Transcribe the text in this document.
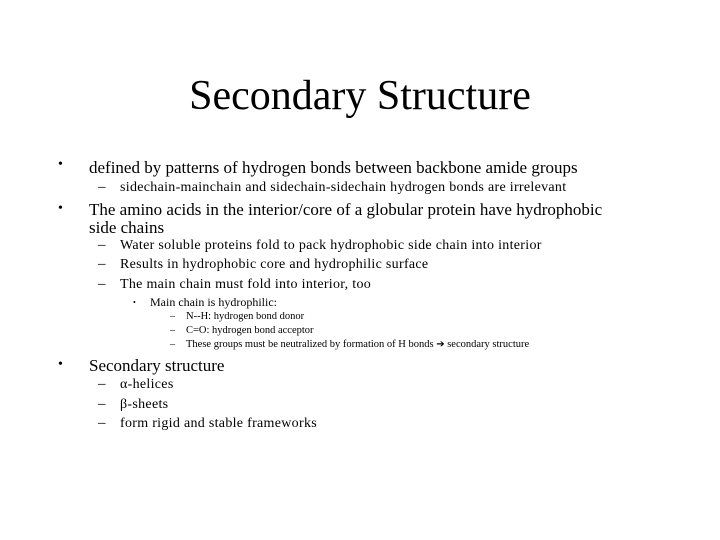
Secondary Structure
• defined by patterns of hydrogen bonds between backbone amide groups
– sidechain-mainchain and sidechain-sidechain hydrogen bonds are irrelevant
• The amino acids in the interior/core of a globular protein have hydrophobic
side chains
– Water soluble proteins fold to pack hydrophobic side chain into interior
– Results in hydrophobic core and hydrophilic surface
– The main chain must fold into interior, too
• Main chain is hydrophilic:
– N--H: hydrogen bond donor
– C=O: hydrogen bond acceptor
– These groups must be neutralized by formation of H bonds ➔ secondary structure
• Secondary structure
– α-helices
– β-sheets
– form rigid and stable frameworks
